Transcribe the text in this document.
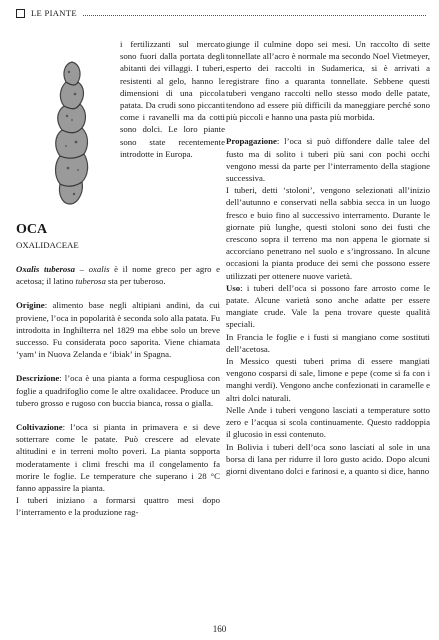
LE PIANTE

i fertilizzanti sul mercato sono fuori dalla portata degli abitanti dei villaggi. I tuberi, resistenti al gelo, hanno le dimensioni di una piccola patata. Da crudi sono piccanti come i ravanelli ma da cotti sono dolci. Le loro piante sono state recentemente introdotte in Europa.

OCA
OXALIDACEAE

Oxalis tuberosa – oxalis è il nome greco per agro e acetosa; il latino tuberosa sta per tuberoso.

Origine: alimento base negli altipiani andini, da cui proviene, l’oca in popolarità è seconda solo alla patata. Fu introdotta in Inghilterra nel 1829 ma ebbe solo un breve successo. Fu considerata poco saporita. Viene chiamata ‘yam’ in Nuova Zelanda e ‘ibiak’ in Spagna.

Descrizione: l’oca è una pianta a forma cespugliosa con foglie a quadrifoglio come le altre oxalidacee. Produce un tubero grosso e rugoso con buccia bianca, rossa o gialla.

Coltivazione: l’oca si pianta in primavera e si deve sotterrare come le patate. Può crescere ad elevate altitudini e in terreni molto poveri. La pianta sopporta moderatamente i climi freschi ma il congelamento fa morire le foglie. Le temperature che superano i 28 °C fanno appassire la pianta.

I tuberi iniziano a formarsi quattro mesi dopo l’interramento e la produzione rag-

giunge il culmine dopo sei mesi. Un raccolto di sette tonnellate all’acro è normale ma secondo Noel Vietmeyer, esperto dei raccolti in Sudamerica, si è arrivati a registrare fino a quaranta tonnellate. Sebbene questi tuberi vengano raccolti nello stesso modo delle patate, tendono ad essere più difficili da maneggiare perché sono più piccoli e hanno una pasta più morbida.

Propagazione: l’oca si può diffondere dalle talee del fusto ma di solito i tuberi più sani con pochi occhi vengono messi da parte per l’interramento della stagione successiva.

I tuberi, detti ‘stoloni’, vengono selezionati all’inizio dell’autunno e conservati nella sabbia secca in un luogo fresco e buio fino al successivo interramento. Durante le giornate più lunghe, questi stoloni sono dei fusti che crescono sopra il terreno ma non appena le giornate si accorciano penetrano nel suolo e s’ingrossano. In alcune occasioni la pianta produce dei semi che possono essere utilizzati per ottenere nuove varietà.

Uso: i tuberi dell’oca si possono fare arrosto come le patate. Alcune varietà sono anche adatte per essere mangiate crude. Vale la pena trovare queste qualità speciali.

In Francia le foglie e i fusti si mangiano come sostituti dell’acetosa.

In Messico questi tuberi prima di essere mangiati vengono cosparsi di sale, limone e pepe (come si fa con i manghi verdi). Vengono anche confezionati in caramelle e altri dolci naturali.

Nelle Ande i tuberi vengono lasciati a temperature sotto zero e l’acqua si scola continuamente. Questo raddoppia il glucosio in essi contenuto.

In Bolivia i tuberi dell’oca sono lasciati al sole in una borsa di lana per ridurre il loro gusto acido. Dopo alcuni giorni diventano dolci e farinosi e, a quanto si dice, hanno

160
